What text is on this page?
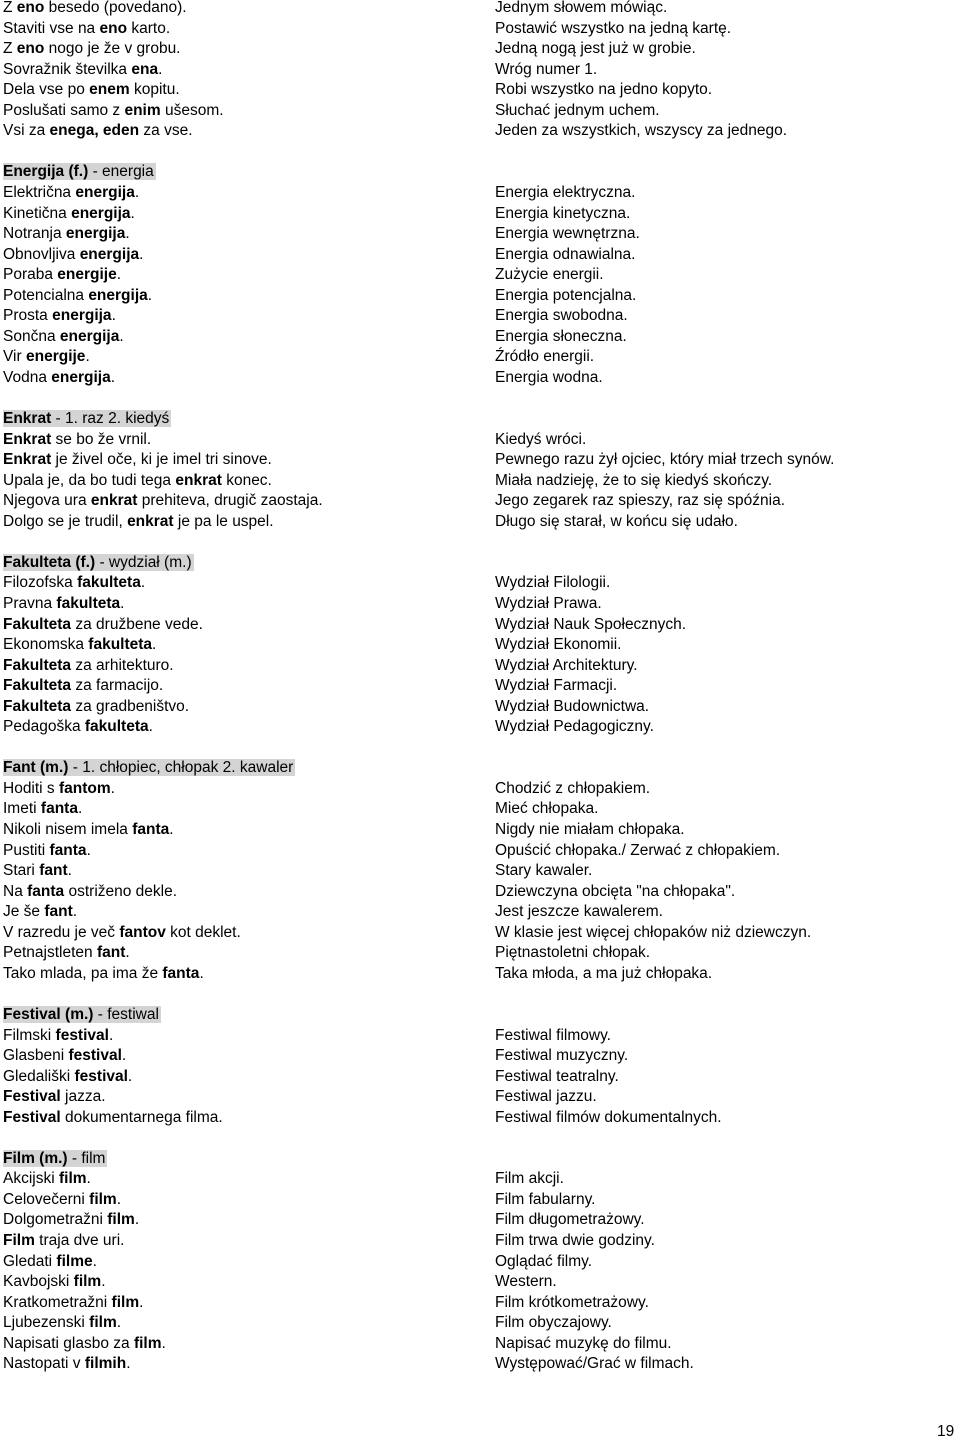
Z eno besedo (povedano).	Jednym słowem mówiąc.
Staviti vse na eno karto.	Postawić wszystko na jedną kartę.
Z eno nogo je že v grobu.	Jedną nogą jest już w grobie.
Sovražnik številka ena.	Wróg numer 1.
Dela vse po enem kopitu.	Robi wszystko na jedno kopyto.
Poslušati samo z enim ušesom.	Słuchać jednym uchem.
Vsi za enega, eden za vse.	Jeden za wszystkich, wszyscy za jednego.
Energija (f.) - energia
Električna energija.	Energia elektryczna.
Kinetična energija.	Energia kinetyczna.
Notranja energija.	Energia wewnętrzna.
Obnovljiva energija.	Energia odnawialna.
Poraba energije.	Zużycie energii.
Potencialna energija.	Energia potencjalna.
Prosta energija.	Energia swobodna.
Sončna energija.	Energia słoneczna.
Vir energije.	Źródło energii.
Vodna energija.	Energia wodna.
Enkrat - 1. raz 2. kiedyś
Enkrat se bo že vrnil.	Kiedyś wróci.
Enkrat je živel oče, ki je imel tri sinove.	Pewnego razu żył ojciec, który miał trzech synów.
Upala je, da bo tudi tega enkrat konec.	Miała nadzieję, że to się kiedyś skończy.
Njegova ura enkrat prehiteva, drugič zaostaja.	Jego zegarek raz spieszy, raz się spóźnia.
Dolgo se je trudil, enkrat je pa le uspel.	Długo się starał, w końcu się udało.
Fakulteta (f.) - wydział (m.)
Filozofska fakulteta.	Wydział Filologii.
Pravna fakulteta.	Wydział Prawa.
Fakulteta za družbene vede.	Wydział Nauk Społecznych.
Ekonomska fakulteta.	Wydział Ekonomii.
Fakulteta za arhitekturo.	Wydział Architektury.
Fakulteta za farmacijo.	Wydział Farmacji.
Fakulteta za gradbeništvo.	Wydział Budownictwa.
Pedagoška fakulteta.	Wydział Pedagogiczny.
Fant (m.) - 1. chłopiec, chłopak 2. kawaler
Hoditi s fantom.	Chodzić z chłopakiem.
Imeti fanta.	Mieć chłopaka.
Nikoli nisem imela fanta.	Nigdy nie miałam chłopaka.
Pustiti fanta.	Opuścić chłopaka./ Zerwać z chłopakiem.
Stari fant.	Stary kawaler.
Na fanta ostriženo dekle.	Dziewczyna obcięta "na chłopaka".
Je še fant.	Jest jeszcze kawalerem.
V razredu je več fantov kot deklet.	W klasie jest więcej chłopaków niż dziewczyn.
Petnajstleten fant.	Piętnastoletni chłopak.
Tako mlada, pa ima že fanta.	Taka młoda, a ma już chłopaka.
Festival (m.) - festiwal
Filmski festival.	Festiwal filmowy.
Glasbeni festival.	Festiwal muzyczny.
Gledališki festival.	Festiwal teatralny.
Festival jazza.	Festiwal jazzu.
Festival dokumentarnega filma.	Festiwal filmów dokumentalnych.
Film (m.) - film
Akcijski film.	Film akcji.
Celovečerni film.	Film fabularny.
Dolgometražni film.	Film długometrażowy.
Film traja dve uri.	Film trwa dwie godziny.
Gledati filme.	Oglądać filmy.
Kavbojski film.	Western.
Kratkometražni film.	Film krótkometrażowy.
Ljubezenski film.	Film obyczajowy.
Napisati glasbo za film.	Napisać muzykę do filmu.
Nastopati v filmih.	Występować/Grać w filmach.
19
